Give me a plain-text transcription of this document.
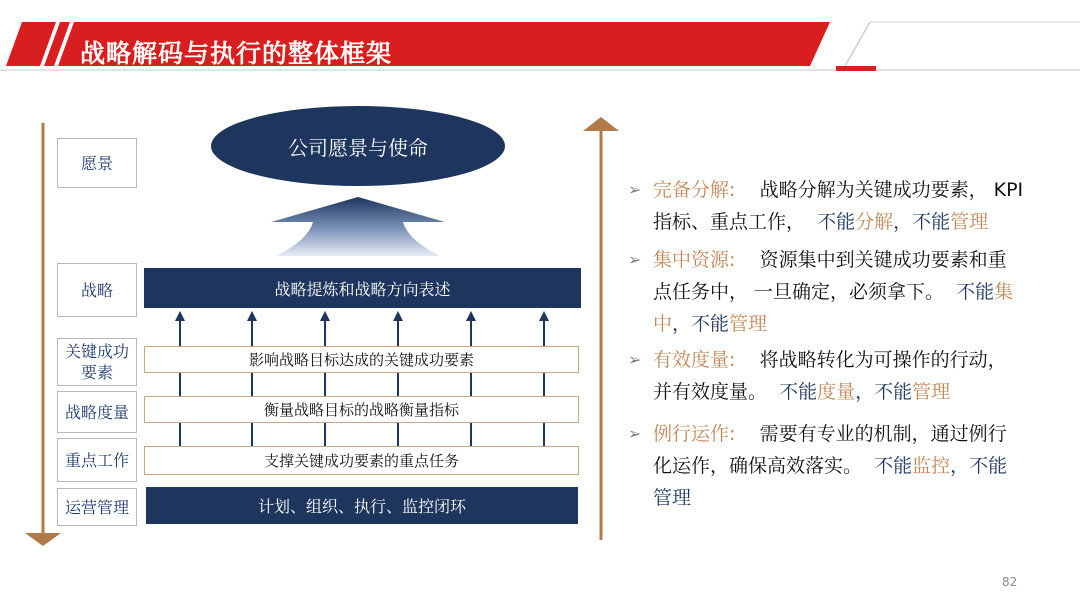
战略解码与执行的整体框架
公司愿景与使命
愿景
战略
关键成功要素
战略度量
重点工作
运营管理
战略提炼和战略方向表述
影响战略目标达成的关键成功要素
衡量战略目标的战略衡量指标
支撑关键成功要素的重点任务
计划、组织、执行、监控闭环
➢ 完备分解: 战略分解为关键成功要素， KPI
指标、重点工作， 不能分解，不能管理
➢ 集中资源: 资源集中到关键成功要素和重
点任务中， 一旦确定，必须拿下。 不能集
中，不能管理
➢ 有效度量: 将战略转化为可操作的行动，
并有效度量。 不能度量，不能管理
➢ 例行运作: 需要有专业的机制，通过例行
化运作，确保高效落实。 不能监控，不能
管理
82
